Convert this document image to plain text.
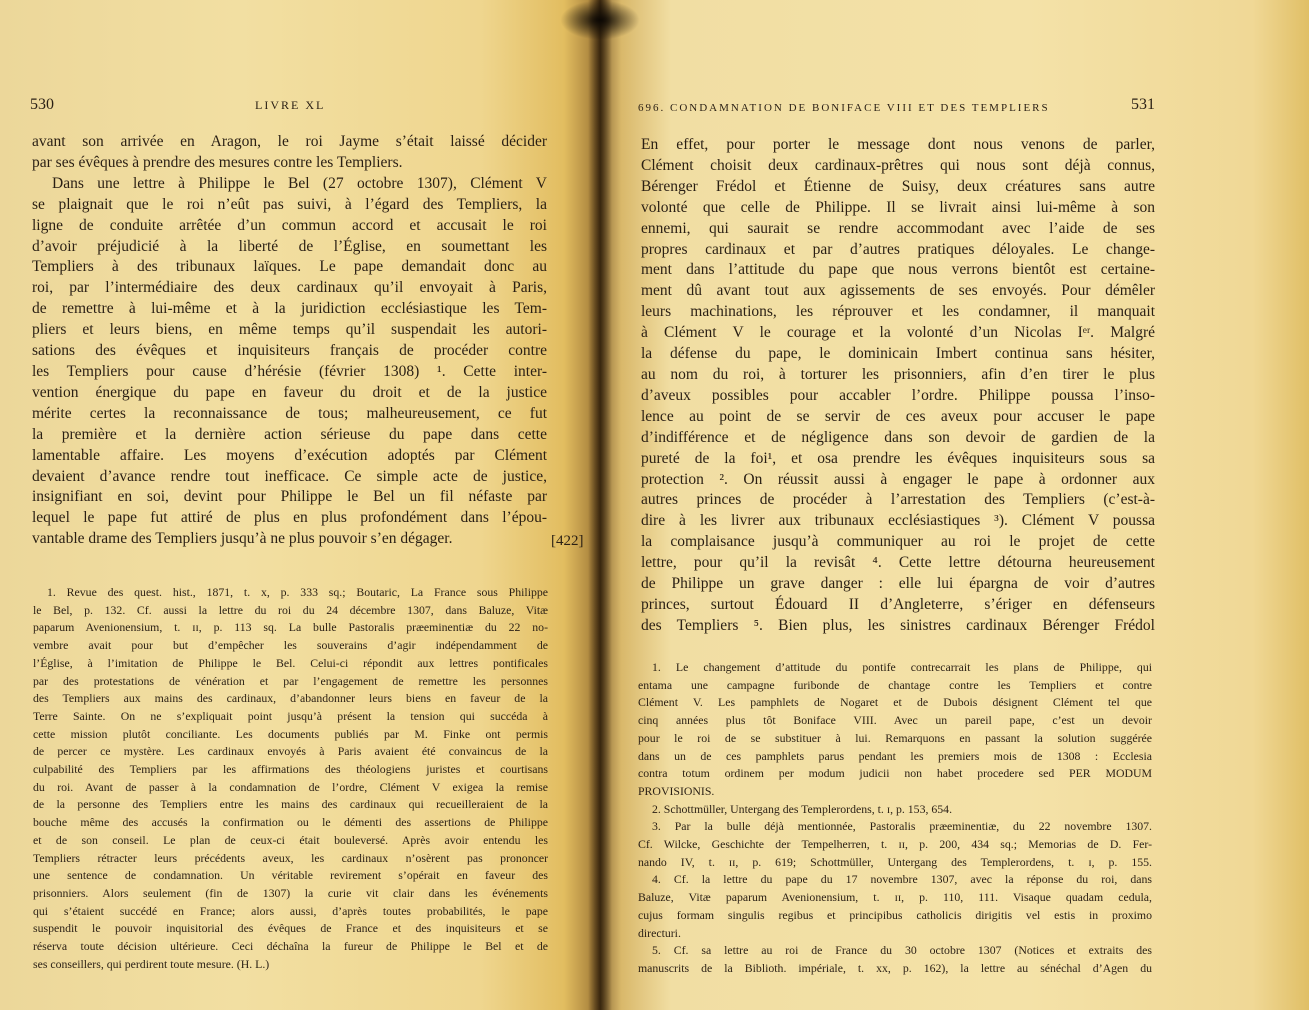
530	LIVRE XL
avant son arrivée en Aragon, le roi Jayme s’était laissé décider
par ses évêques à prendre des mesures contre les Templiers.
Dans une lettre à Philippe le Bel (27 octobre 1307), Clément V
se plaignait que le roi n’eût pas suivi, à l’égard des Templiers, la
ligne de conduite arrêtée d’un commun accord et accusait le roi
d’avoir préjudicié à la liberté de l’Église, en soumettant les
Templiers à des tribunaux laïques. Le pape demandait donc au
roi, par l’intermédiaire des deux cardinaux qu’il envoyait à Paris,
de remettre à lui-même et à la juridiction ecclésiastique les Tem-
pliers et leurs biens, en même temps qu’il suspendait les autori-
sations des évêques et inquisiteurs français de procéder contre
les Templiers pour cause d’hérésie (février 1308) ¹. Cette inter-
vention énergique du pape en faveur du droit et de la justice
mérite certes la reconnaissance de tous; malheureusement, ce fut
la première et la dernière action sérieuse du pape dans cette
lamentable affaire. Les moyens d’exécution adoptés par Clément
devaient d’avance rendre tout inefficace. Ce simple acte de justice,
insignifiant en soi, devint pour Philippe le Bel un fil néfaste par
lequel le pape fut attiré de plus en plus profondément dans l’épou-
vantable drame des Templiers jusqu’à ne plus pouvoir s’en dégager.	[422]
1. Revue des quest. hist., 1871, t. x, p. 333 sq.; Boutaric, La France sous Philippe
le Bel, p. 132. Cf. aussi la lettre du roi du 24 décembre 1307, dans Baluze, Vitæ
paparum Avenionensium, t. ɪɪ, p. 113 sq. La bulle Pastoralis præeminentiæ du 22 no-
vembre avait pour but d’empêcher les souverains d’agir indépendamment de
l’Église, à l’imitation de Philippe le Bel. Celui-ci répondit aux lettres pontificales
par des protestations de vénération et par l’engagement de remettre les personnes
des Templiers aux mains des cardinaux, d’abandonner leurs biens en faveur de la
Terre Sainte. On ne s’expliquait point jusqu’à présent la tension qui succéda à
cette mission plutôt conciliante. Les documents publiés par M. Finke ont permis
de percer ce mystère. Les cardinaux envoyés à Paris avaient été convaincus de la
culpabilité des Templiers par les affirmations des théologiens juristes et courtisans
du roi. Avant de passer à la condamnation de l’ordre, Clément V exigea la remise
de la personne des Templiers entre les mains des cardinaux qui recueilleraient de la
bouche même des accusés la confirmation ou le démenti des assertions de Philippe
et de son conseil. Le plan de ceux-ci était bouleversé. Après avoir entendu les
Templiers rétracter leurs précédents aveux, les cardinaux n’osèrent pas prononcer
une sentence de condamnation. Un véritable revirement s’opérait en faveur des
prisonniers. Alors seulement (fin de 1307) la curie vit clair dans les événements
qui s’étaient succédé en France; alors aussi, d’après toutes probabilités, le pape
suspendit le pouvoir inquisitorial des évêques de France et des inquisiteurs et se
réserva toute décision ultérieure. Ceci déchaîna la fureur de Philippe le Bel et de
ses conseillers, qui perdirent toute mesure. (H. L.)
696. CONDAMNATION DE BONIFACE VIII ET DES TEMPLIERS	531
En effet, pour porter le message dont nous venons de parler,
Clément choisit deux cardinaux-prêtres qui nous sont déjà connus,
Bérenger Frédol et Étienne de Suisy, deux créatures sans autre
volonté que celle de Philippe. Il se livrait ainsi lui-même à son
ennemi, qui saurait se rendre accommodant avec l’aide de ses
propres cardinaux et par d’autres pratiques déloyales. Le change-
ment dans l’attitude du pape que nous verrons bientôt est certaine-
ment dû avant tout aux agissements de ses envoyés. Pour démêler
leurs machinations, les réprouver et les condamner, il manquait
à Clément V le courage et la volonté d’un Nicolas Iᵉʳ. Malgré
la défense du pape, le dominicain Imbert continua sans hésiter,
au nom du roi, à torturer les prisonniers, afin d’en tirer le plus
d’aveux possibles pour accabler l’ordre. Philippe poussa l’inso-
lence au point de se servir de ces aveux pour accuser le pape
d’indifférence et de négligence dans son devoir de gardien de la
pureté de la foi¹, et osa prendre les évêques inquisiteurs sous sa
protection ². On réussit aussi à engager le pape à ordonner aux
autres princes de procéder à l’arrestation des Templiers (c’est-à-
dire à les livrer aux tribunaux ecclésiastiques ³). Clément V poussa
la complaisance jusqu’à communiquer au roi le projet de cette
lettre, pour qu’il la revisât ⁴. Cette lettre détourna heureusement
de Philippe un grave danger : elle lui épargna de voir d’autres
princes, surtout Édouard II d’Angleterre, s’ériger en défenseurs
des Templiers ⁵. Bien plus, les sinistres cardinaux Bérenger Frédol
1. Le changement d’attitude du pontife contrecarrait les plans de Philippe, qui
entama une campagne furibonde de chantage contre les Templiers et contre
Clément V. Les pamphlets de Nogaret et de Dubois désignent Clément tel que
cinq années plus tôt Boniface VIII. Avec un pareil pape, c’est un devoir
pour le roi de se substituer à lui. Remarquons en passant la solution suggérée
dans un de ces pamphlets parus pendant les premiers mois de 1308 : Ecclesia
contra totum ordinem per modum judicii non habet procedere sed PER MODUM
PROVISIONIS.
2. Schottmüller, Untergang des Templerordens, t. ɪ, p. 153, 654.
3. Par la bulle déjà mentionnée, Pastoralis præeminentiæ, du 22 novembre 1307.
Cf. Wilcke, Geschichte der Tempelherren, t. ɪɪ, p. 200, 434 sq.; Memorias de D. Fer-
nando IV, t. ɪɪ, p. 619; Schottmüller, Untergang des Templerordens, t. ɪ, p. 155.
4. Cf. la lettre du pape du 17 novembre 1307, avec la réponse du roi, dans
Baluze, Vitæ paparum Avenionensium, t. ɪɪ, p. 110, 111. Visaque quadam cedula,
cujus formam singulis regibus et principibus catholicis dirigitis vel estis in proximo
directuri.
5. Cf. sa lettre au roi de France du 30 octobre 1307 (Notices et extraits des
manuscrits de la Biblioth. impériale, t. xx, p. 162), la lettre au sénéchal d’Agen du
